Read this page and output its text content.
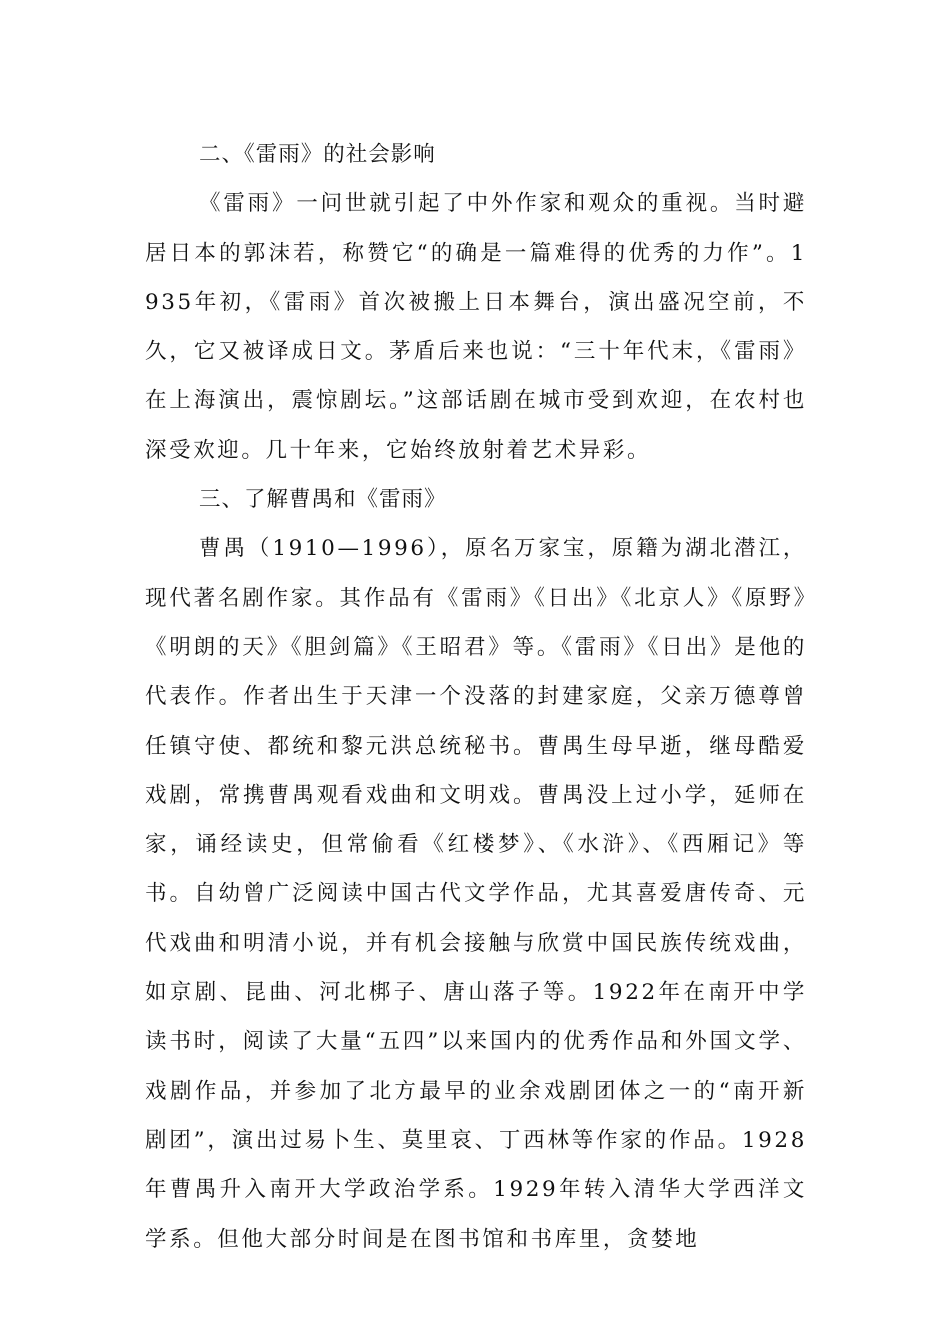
二、《雷雨》的社会影响

《雷雨》一问世就引起了中外作家和观众的重视。当时避居日本的郭沫若，称赞它“的确是一篇难得的优秀的力作”。1935年初，《雷雨》首次被搬上日本舞台，演出盛况空前，不久，它又被译成日文。茅盾后来也说：“三十年代末，《雷雨》在上海演出，震惊剧坛。”这部话剧在城市受到欢迎，在农村也深受欢迎。几十年来，它始终放射着艺术异彩。

三、了解曹禺和《雷雨》

曹禺（1910—1996），原名万家宝，原籍为湖北潜江，现代著名剧作家。其作品有《雷雨》《日出》《北京人》《原野》《明朗的天》《胆剑篇》《王昭君》等。《雷雨》《日出》是他的代表作。作者出生于天津一个没落的封建家庭，父亲万德尊曾任镇守使、都统和黎元洪总统秘书。曹禺生母早逝，继母酷爱戏剧，常携曹禺观看戏曲和文明戏。曹禺没上过小学，延师在家，诵经读史，但常偷看《红楼梦》、《水浒》、《西厢记》等书。自幼曾广泛阅读中国古代文学作品，尤其喜爱唐传奇、元代戏曲和明清小说，并有机会接触与欣赏中国民族传统戏曲，如京剧、昆曲、河北梆子、唐山落子等。1922年在南开中学读书时，阅读了大量“五四”以来国内的优秀作品和外国文学、戏剧作品，并参加了北方最早的业余戏剧团体之一的“南开新剧团”，演出过易卜生、莫里哀、丁西林等作家的作品。1928年曹禺升入南开大学政治学系。1929年转入清华大学西洋文学系。但他大部分时间是在图书馆和书库里，贪婪地
